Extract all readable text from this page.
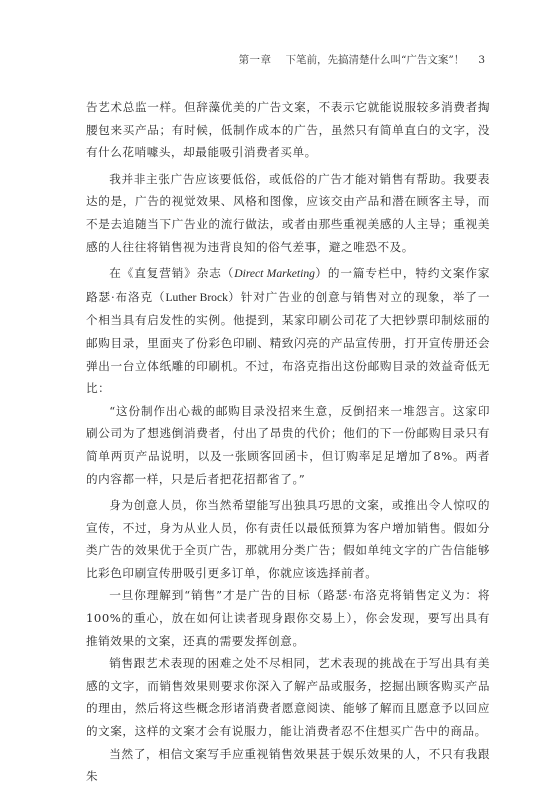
第一章 下笔前，先搞清楚什么叫“广告文案”！ 3

告艺术总监一样。但辞藻优美的广告文案，不表示它就能说服较多消费者掏腰包来买产品；有时候，低制作成本的广告，虽然只有简单直白的文字，没有什么花哨噱头，却最能吸引消费者买单。

我并非主张广告应该要低俗，或低俗的广告才能对销售有帮助。我要表达的是，广告的视觉效果、风格和图像，应该交由产品和潜在顾客主导，而不是去追随当下广告业的流行做法，或者由那些重视美感的人主导；重视美感的人往往将销售视为违背良知的俗气差事，避之唯恐不及。

在《直复营销》杂志（Direct Marketing）的一篇专栏中，特约文案作家路瑟·布洛克（Luther Brock）针对广告业的创意与销售对立的现象，举了一个相当具有启发性的实例。他提到，某家印刷公司花了大把钞票印制炫丽的邮购目录，里面夹了份彩色印刷、精致闪亮的产品宣传册，打开宣传册还会弹出一台立体纸雕的印刷机。不过，布洛克指出这份邮购目录的效益奇低无比：

“这份制作出心裁的邮购目录没招来生意，反倒招来一堆怨言。这家印刷公司为了想逃倒消费者，付出了昂贵的代价；他们的下一份邮购目录只有简单两页产品说明，以及一张顾客回函卡，但订购率足足增加了8%。两者的内容都一样，只是后者把花招都省了。”

身为创意人员，你当然希望能写出独具巧思的文案，或推出令人惊叹的宣传，不过，身为从业人员，你有责任以最低预算为客户增加销售。假如分类广告的效果优于全页广告，那就用分类广告；假如单纯文字的广告信能够比彩色印刷宣传册吸引更多订单，你就应该选择前者。

一旦你理解到“销售”才是广告的目标（路瑟·布洛克将销售定义为：将100%的重心，放在如何让读者现身跟你交易上），你会发现，要写出具有推销效果的文案，还真的需要发挥创意。

销售跟艺术表现的困难之处不尽相同，艺术表现的挑战在于写出具有美感的文字，而销售效果则要求你深入了解产品或服务，挖掘出顾客购买产品的理由，然后将这些概念形诸消费者愿意阅读、能够了解而且愿意予以回应的文案，这样的文案才会有说服力，能让消费者忍不住想买广告中的商品。

当然了，相信文案写手应重视销售效果甚于娱乐效果的人，不只有我跟朱
